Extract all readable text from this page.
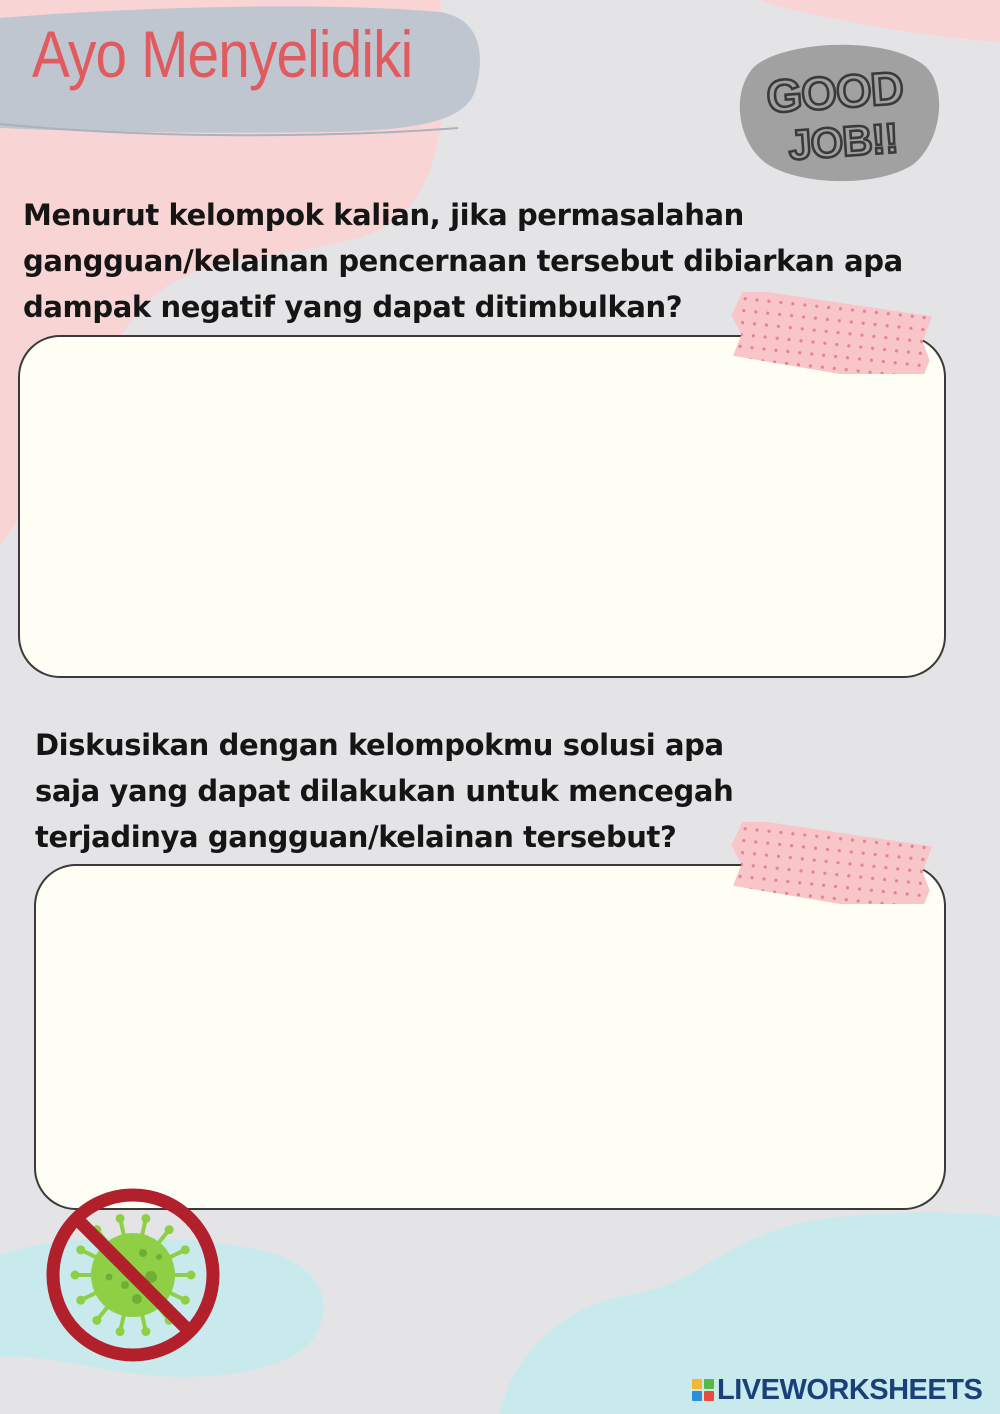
Ayo Menyelidiki
GOOD
JOB!!

Menurut kelompok kalian, jika permasalahan
gangguan/kelainan pencernaan tersebut dibiarkan apa
dampak negatif yang dapat ditimbulkan?

Diskusikan dengan kelompokmu solusi apa
saja yang dapat dilakukan untuk mencegah
terjadinya gangguan/kelainan tersebut?

LIVEWORKSHEETS
